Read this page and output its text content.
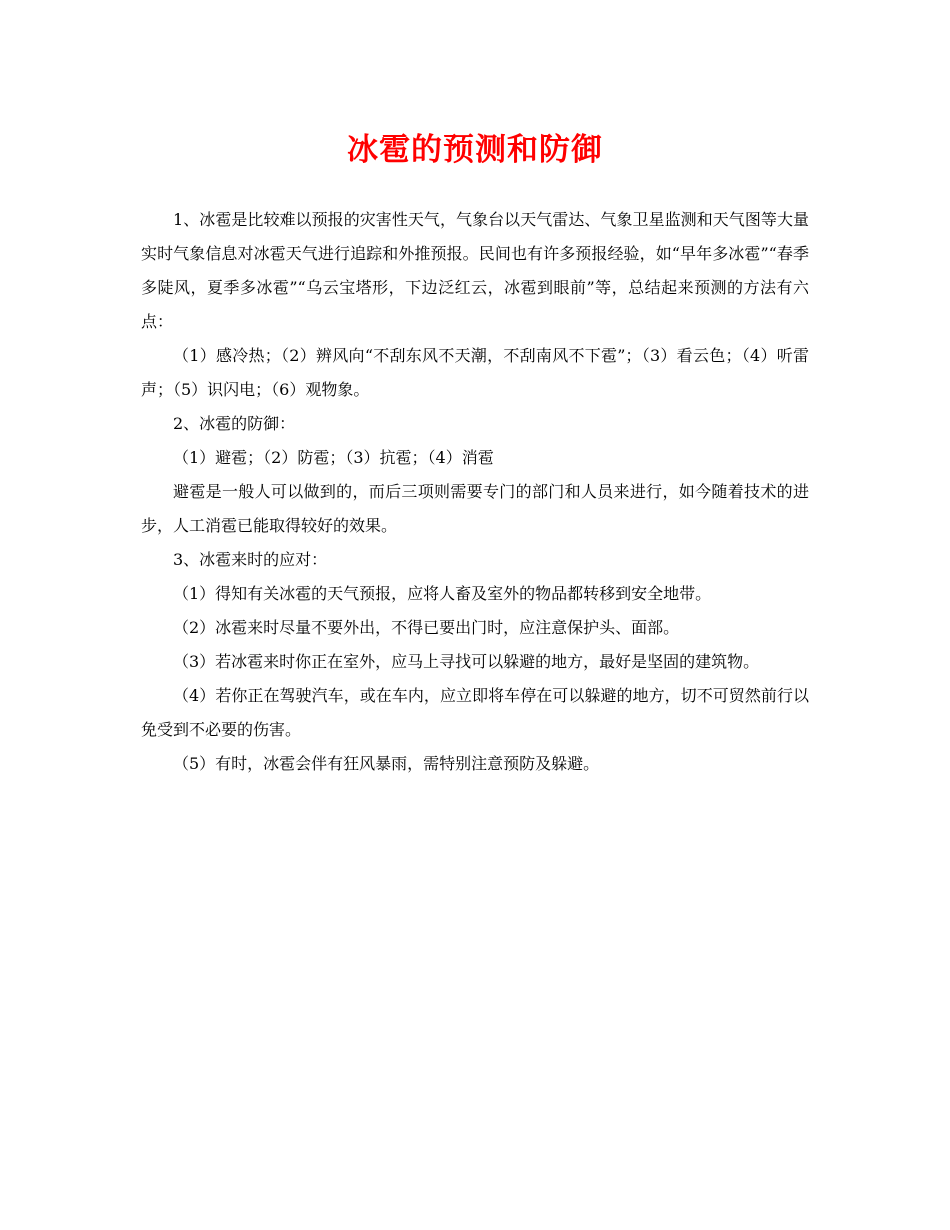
冰雹的预测和防御

1、冰雹是比较难以预报的灾害性天气，气象台以天气雷达、气象卫星监测和天气图等大量实时气象信息对冰雹天气进行追踪和外推预报。民间也有许多预报经验，如“早年多冰雹”“春季多陡风，夏季多冰雹”“乌云宝塔形，下边泛红云，冰雹到眼前”等，总结起来预测的方法有六点：

（1）感冷热；（2）辨风向“不刮东风不天潮，不刮南风不下雹”；（3）看云色；（4）听雷声；（5）识闪电；（6）观物象。

2、冰雹的防御：

（1）避雹；（2）防雹；（3）抗雹；（4）消雹

避雹是一般人可以做到的，而后三项则需要专门的部门和人员来进行，如今随着技术的进步，人工消雹已能取得较好的效果。

3、冰雹来时的应对：

（1）得知有关冰雹的天气预报，应将人畜及室外的物品都转移到安全地带。

（2）冰雹来时尽量不要外出，不得已要出门时，应注意保护头、面部。

（3）若冰雹来时你正在室外，应马上寻找可以躲避的地方，最好是坚固的建筑物。

（4）若你正在驾驶汽车，或在车内，应立即将车停在可以躲避的地方，切不可贸然前行以免受到不必要的伤害。

（5）有时，冰雹会伴有狂风暴雨，需特别注意预防及躲避。
